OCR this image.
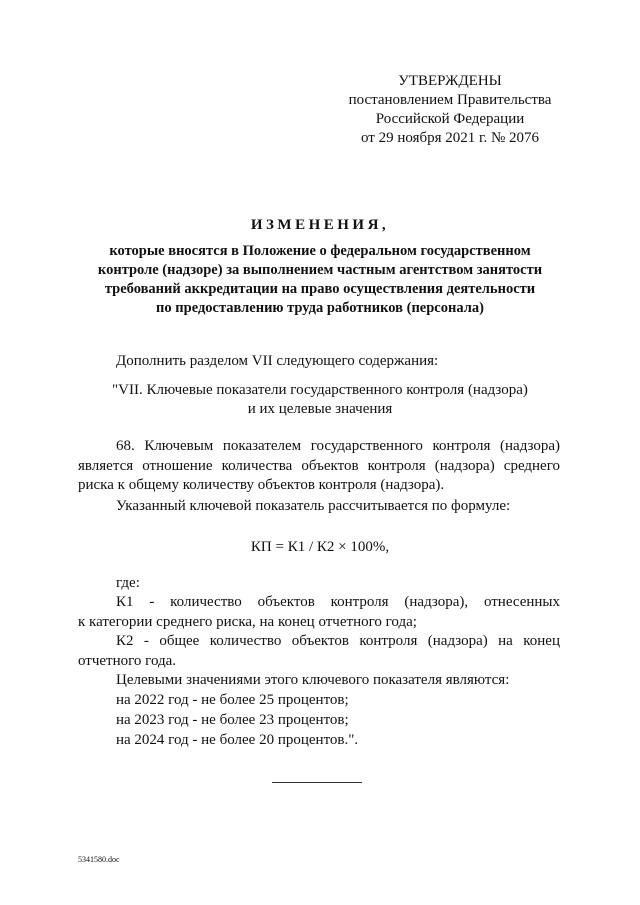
УТВЕРЖДЕНЫ
постановлением Правительства
Российской Федерации
от 29 ноября 2021 г. № 2076
ИЗМЕНЕНИЯ,
которые вносятся в Положение о федеральном государственном
контроле (надзоре) за выполнением частным агентством занятости
требований аккредитации на право осуществления деятельности
по предоставлению труда работников (персонала)
Дополнить разделом VII следующего содержания:
"VII. Ключевые показатели государственного контроля (надзора)
и их целевые значения
68. Ключевым показателем государственного контроля (надзора)
является отношение количества объектов контроля (надзора) среднего
риска к общему количеству объектов контроля (надзора).
Указанный ключевой показатель рассчитывается по формуле:
КП = К1 / К2 × 100%,
где:
К1 - количество объектов контроля (надзора), отнесенных
к категории среднего риска, на конец отчетного года;
К2 - общее количество объектов контроля (надзора) на конец
отчетного года.
Целевыми значениями этого ключевого показателя являются:
на 2022 год - не более 25 процентов;
на 2023 год - не более 23 процентов;
на 2024 год - не более 20 процентов.".
5341580.doc
